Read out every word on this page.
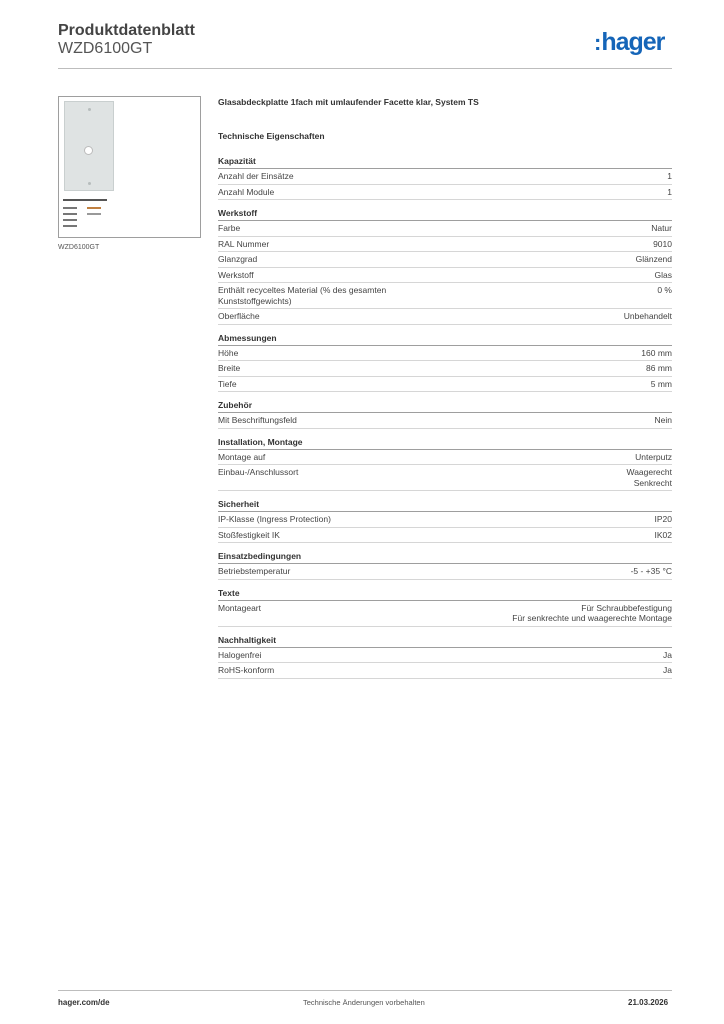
Produktdatenblatt
WZD6100GT	:hager
WZD6100GT
Glasabdeckplatte 1fach mit umlaufender Facette klar, System TS
Technische Eigenschaften
Kapazität
Anzahl der Einsätze	1
Anzahl Module	1
Werkstoff
Farbe	Natur
RAL Nummer	9010
Glanzgrad	Glänzend
Werkstoff	Glas
Enthält recyceltes Material (% des gesamten Kunststoffgewichts)
0 %
Oberfläche	Unbehandelt
Abmessungen
Höhe	160 mm
Breite	86 mm
Tiefe	5 mm
Zubehör
Mit Beschriftungsfeld	Nein
Installation, Montage
Montage auf	Unterputz
Einbau-/Anschlussort	Waagerecht
Senkrecht
Sicherheit
IP-Klasse (Ingress Protection)	IP20
Stoßfestigkeit IK	IK02
Einsatzbedingungen
Betriebstemperatur	-5 - +35 °C
Texte
Montageart	Für Schraubbefestigung
Für senkrechte und waagerechte Montage
Nachhaltigkeit
Halogenfrei	Ja
RoHS-konform	Ja
hager.com/de	Technische Änderungen vorbehalten	21.03.2026
